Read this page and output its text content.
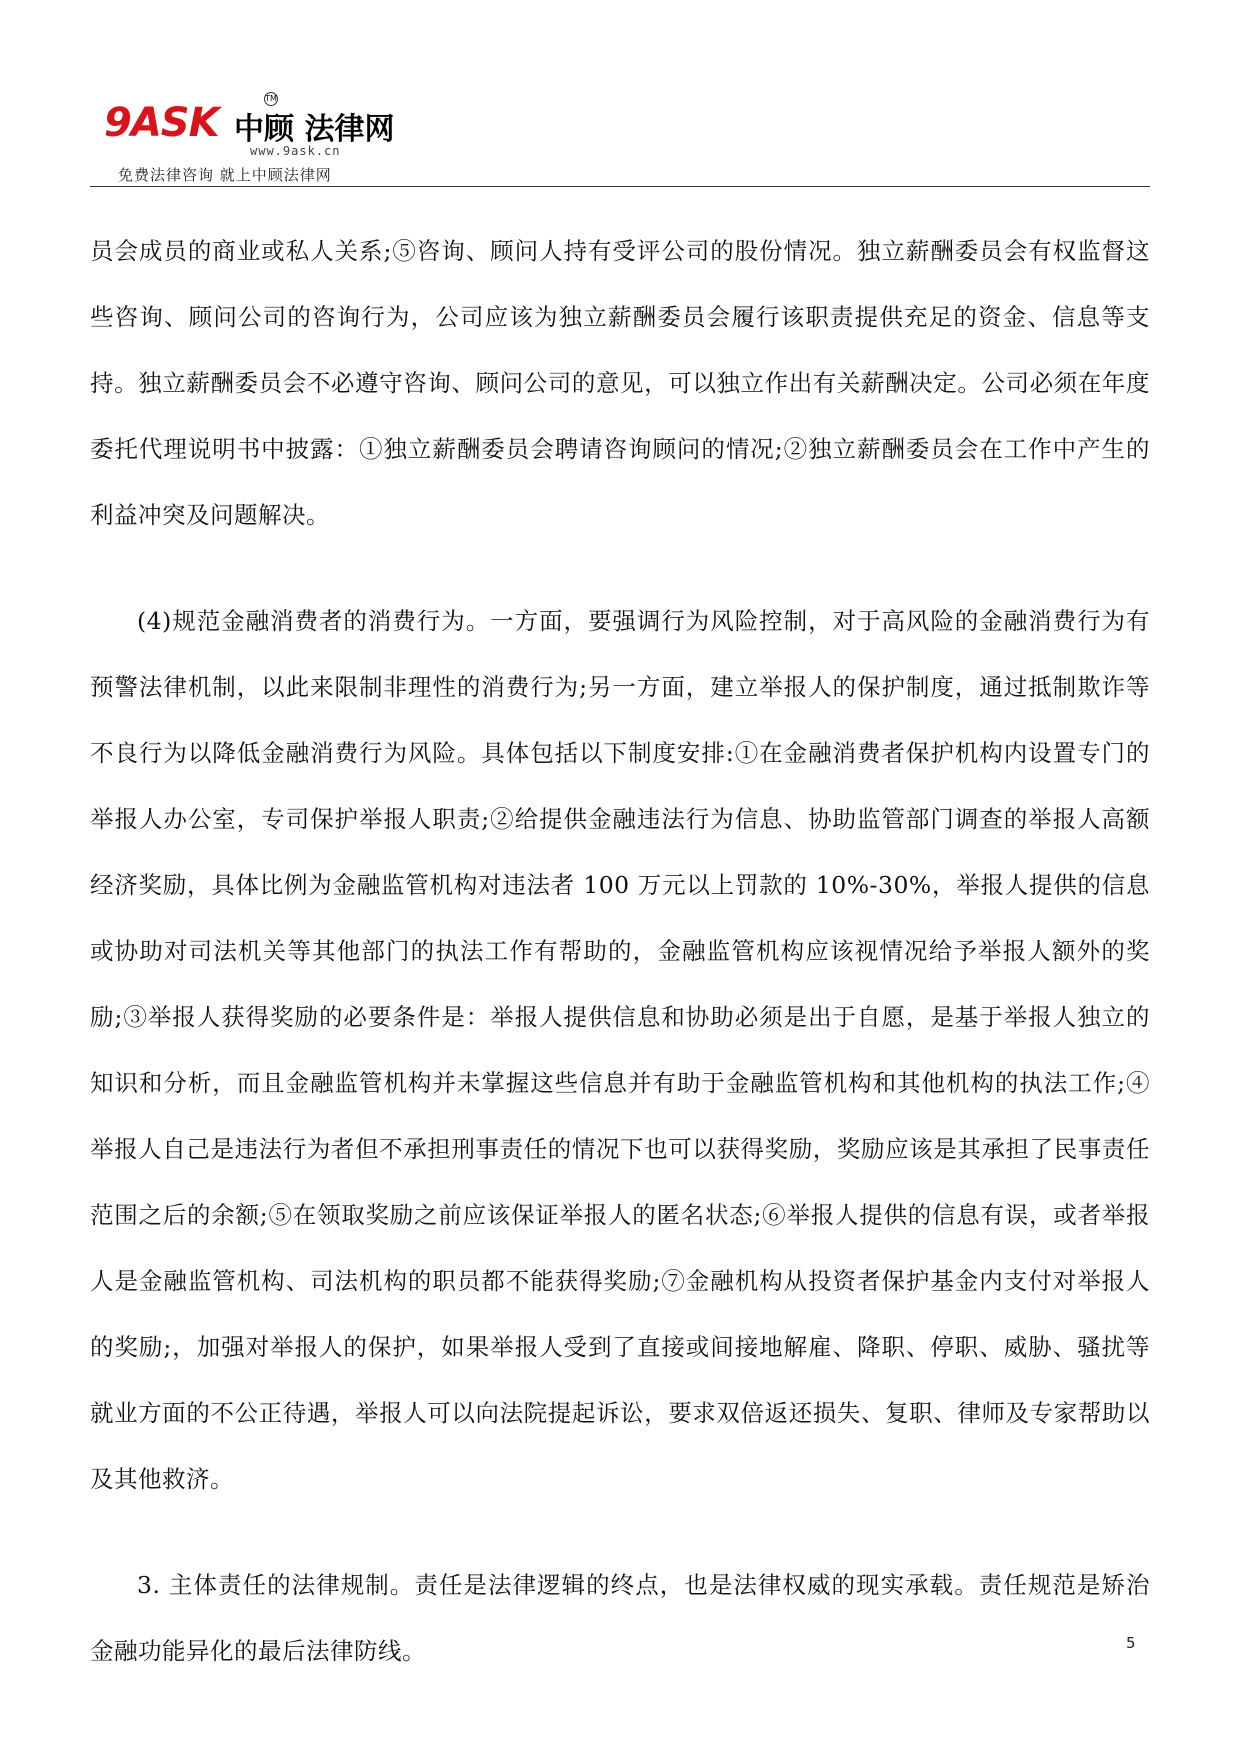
9ASK 中顾 法律网
TM
www.9ask.cn
免费法律咨询 就上中顾法律网

员会成员的商业或私人关系;⑤咨询、顾问人持有受评公司的股份情况。独立薪酬委员会有权监督这些咨询、顾问公司的咨询行为，公司应该为独立薪酬委员会履行该职责提供充足的资金、信息等支持。独立薪酬委员会不必遵守咨询、顾问公司的意见，可以独立作出有关薪酬决定。公司必须在年度委托代理说明书中披露：①独立薪酬委员会聘请咨询顾问的情况;②独立薪酬委员会在工作中产生的利益冲突及问题解决。

(4)规范金融消费者的消费行为。一方面，要强调行为风险控制，对于高风险的金融消费行为有预警法律机制，以此来限制非理性的消费行为;另一方面，建立举报人的保护制度，通过抵制欺诈等不良行为以降低金融消费行为风险。具体包括以下制度安排:①在金融消费者保护机构内设置专门的举报人办公室，专司保护举报人职责;②给提供金融违法行为信息、协助监管部门调查的举报人高额经济奖励，具体比例为金融监管机构对违法者 100 万元以上罚款的 10%-30%，举报人提供的信息或协助对司法机关等其他部门的执法工作有帮助的，金融监管机构应该视情况给予举报人额外的奖励;③举报人获得奖励的必要条件是：举报人提供信息和协助必须是出于自愿，是基于举报人独立的知识和分析，而且金融监管机构并未掌握这些信息并有助于金融监管机构和其他机构的执法工作;④举报人自己是违法行为者但不承担刑事责任的情况下也可以获得奖励，奖励应该是其承担了民事责任范围之后的余额;⑤在领取奖励之前应该保证举报人的匿名状态;⑥举报人提供的信息有误，或者举报人是金融监管机构、司法机构的职员都不能获得奖励;⑦金融机构从投资者保护基金内支付对举报人的奖励;，加强对举报人的保护，如果举报人受到了直接或间接地解雇、降职、停职、威胁、骚扰等就业方面的不公正待遇，举报人可以向法院提起诉讼，要求双倍返还损失、复职、律师及专家帮助以及其他救济。

3. 主体责任的法律规制。责任是法律逻辑的终点，也是法律权威的现实承载。责任规范是矫治金融功能异化的最后法律防线。	5
